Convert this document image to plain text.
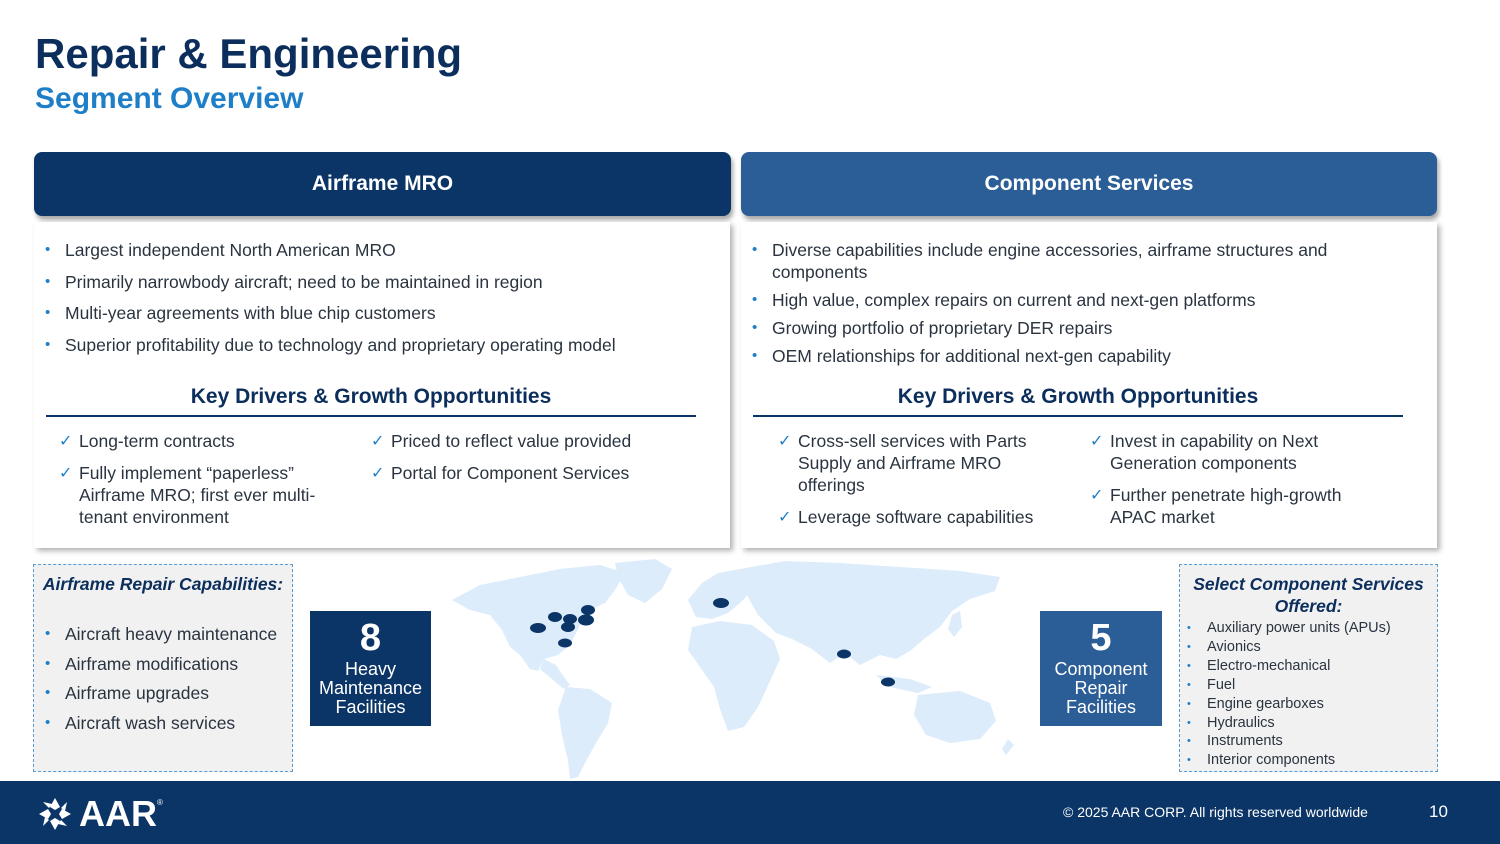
Repair & Engineering
Segment Overview
Airframe MRO
• Largest independent North American MRO
• Primarily narrowbody aircraft; need to be maintained in region
• Multi-year agreements with blue chip customers
• Superior profitability due to technology and proprietary operating model
Key Drivers & Growth Opportunities
✓ Long-term contracts
✓ Fully implement “paperless” Airframe MRO; first ever multi-tenant environment
✓ Priced to reflect value provided
✓ Portal for Component Services
Component Services
• Diverse capabilities include engine accessories, airframe structures and components
• High value, complex repairs on current and next-gen platforms
• Growing portfolio of proprietary DER repairs
• OEM relationships for additional next-gen capability
Key Drivers & Growth Opportunities
✓ Cross-sell services with Parts Supply and Airframe MRO offerings
✓ Leverage software capabilities
✓ Invest in capability on Next Generation components
✓ Further penetrate high-growth APAC market
Airframe Repair Capabilities:
• Aircraft heavy maintenance
• Airframe modifications
• Airframe upgrades
• Aircraft wash services
8
Heavy Maintenance Facilities
5
Component Repair Facilities
Select Component Services Offered:
• Auxiliary power units (APUs)
• Avionics
• Electro-mechanical
• Fuel
• Engine gearboxes
• Hydraulics
• Instruments
• Interior components
AAR ®
© 2025 AAR CORP. All rights reserved worldwide	10
